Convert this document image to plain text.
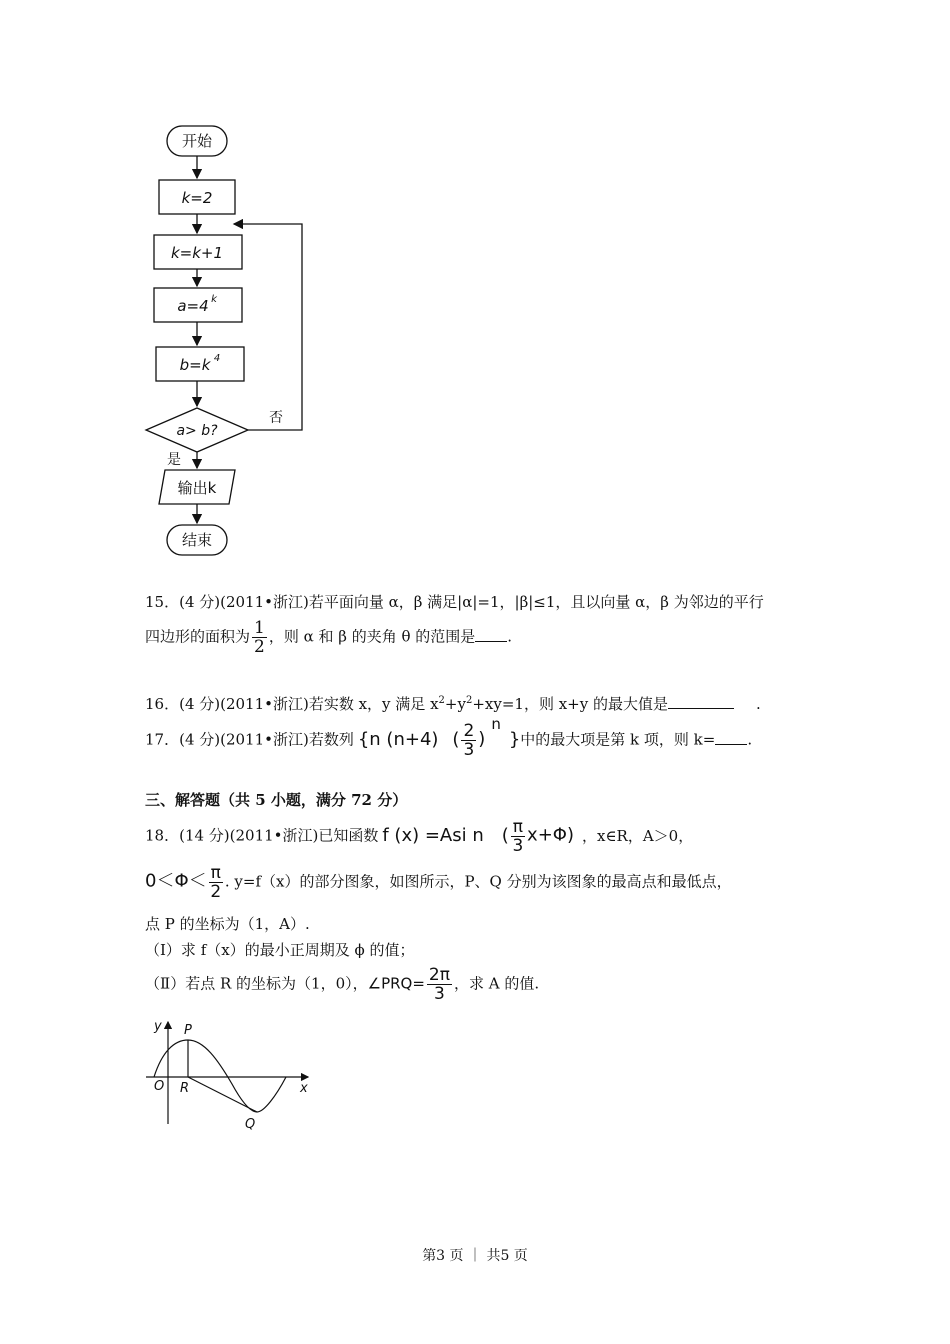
开始
k=2
k=k+1
a=4 k
b=k 4
a> b?
否
是
输出k
结束
15．(4 分)(2011•浙江)若平面向量 α，β 满足|α|=1，|β|≤1，且以向量 α，β 为邻边的平行
四边形的面积为 $\frac{1}{2}$ ，则 α 和 β 的夹角 θ 的范围是 .
16．(4 分)(2011•浙江)若实数 x，y 满足 $x^2+y^2+xy=1$，则 x+y 的最大值是	.
17．(4 分)(2011•浙江)若数列 {n (n+4) ( $\frac{2}{3} )n$}中的最大项是第 k 项，则 k= .
三、解答题（共 5 小题，满分 72 分）
18．(14 分)(2011•浙江)已知函数 f (x) =Asi n ( $\frac{\pi}{3} x+\Phi$) ，x∈R，A＞0，
$0<\Phi< \frac{\pi}{2}$ . y=f（x）的部分图象，如图所示，P、Q 分别为该图象的最高点和最低点，
点 P 的坐标为（1，A）.
（Ⅰ）求 f（x）的最小正周期及 ϕ 的值；
（Ⅱ）若点 R 的坐标为（1，0），∠PRQ= $\frac{2\pi}{3}$ ，求 A 的值.
y
x
O
P
R
Q
第3 页 ｜ 共5 页
